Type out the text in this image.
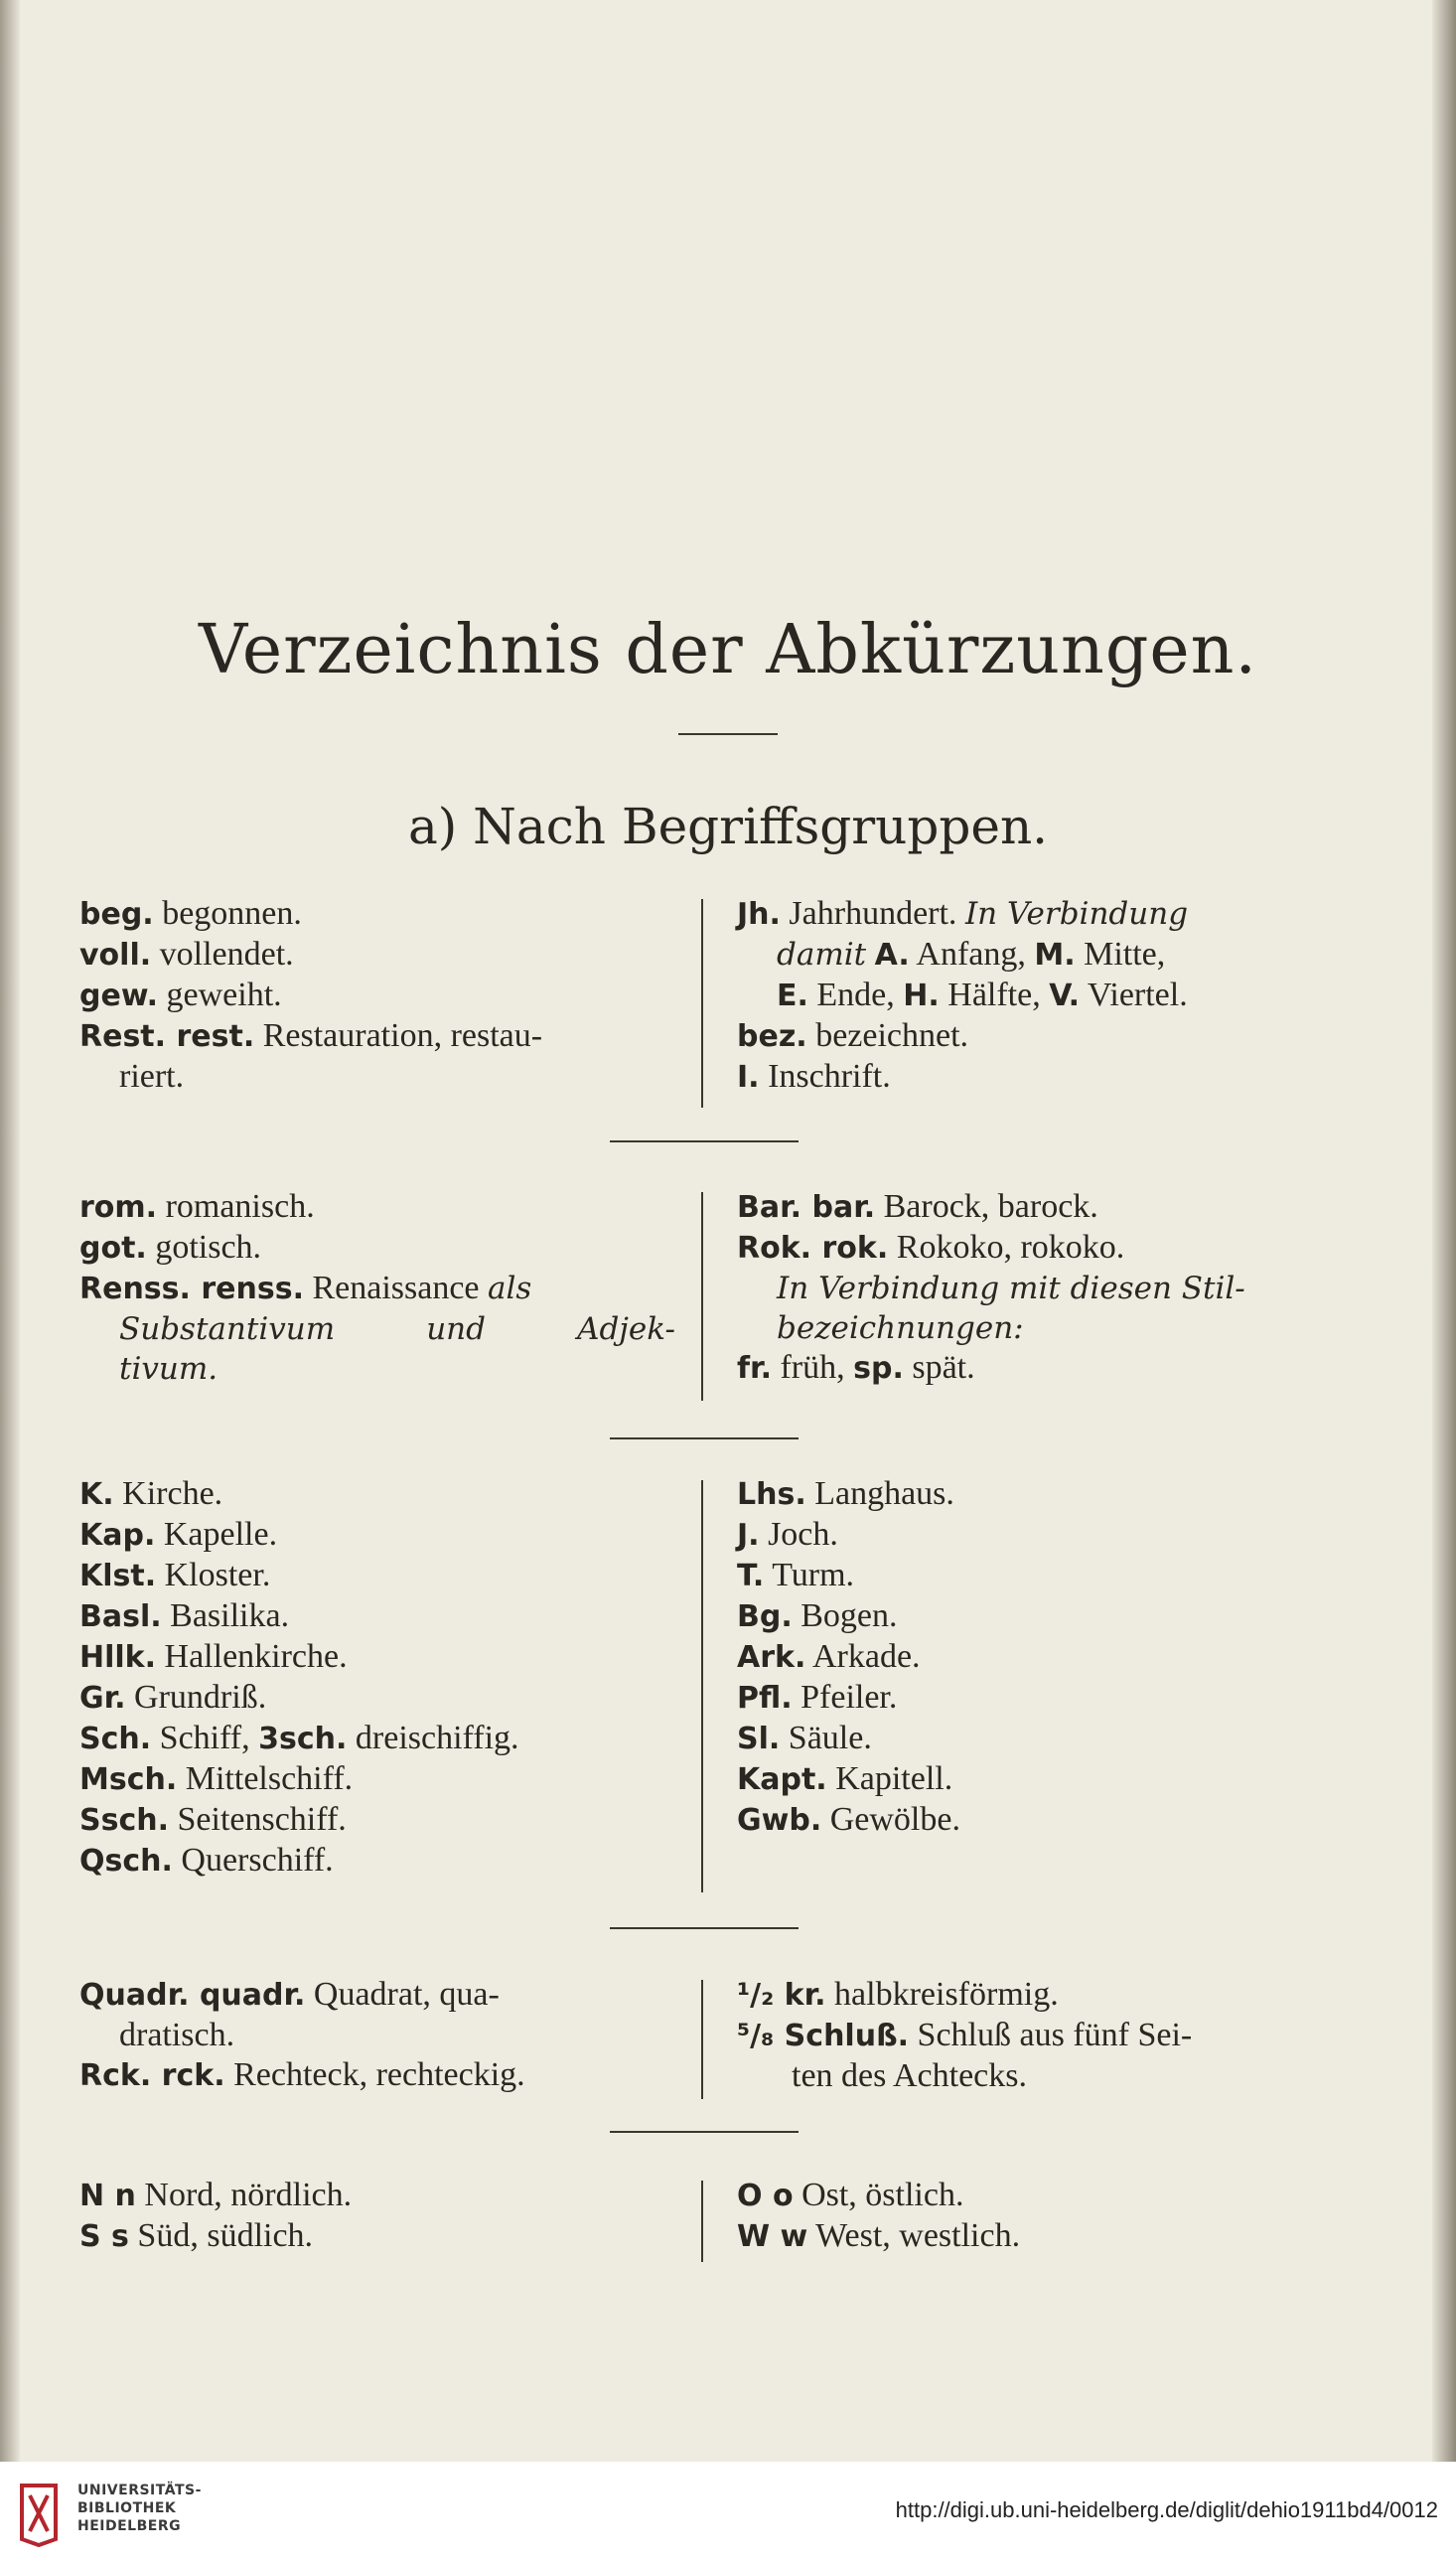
Verzeichnis der Abkürzungen.
a) Nach Begriffsgruppen.
beg. begonnen.
voll. vollendet.
gew. geweiht.
Rest. rest. Restauration, restau-
riert.
Jh. Jahrhundert. In Verbindung
damit A. Anfang, M. Mitte,
E. Ende, H. Hälfte, V. Viertel.
bez. bezeichnet.
I. Inschrift.
rom. romanisch.
got. gotisch.
Renss. renss. Renaissance als
Substantivum	und	Adjek-
tivum.
Bar. bar. Barock, barock.
Rok. rok. Rokoko, rokoko.
In Verbindung mit diesen Stil-
bezeichnungen:
fr. früh, sp. spät.
K. Kirche.
Kap. Kapelle.
Klst. Kloster.
Basl. Basilika.
Hllk. Hallenkirche.
Gr. Grundriß.
Sch. Schiff, 3sch. dreischiffig.
Msch. Mittelschiff.
Ssch. Seitenschiff.
Qsch. Querschiff.
Lhs. Langhaus.
J. Joch.
T. Turm.
Bg. Bogen.
Ark. Arkade.
Pfl. Pfeiler.
Sl. Säule.
Kapt. Kapitell.
Gwb. Gewölbe.
Quadr. quadr. Quadrat, qua-
dratisch.
Rck. rck. Rechteck, rechteckig.
¹/₂ kr. halbkreisförmig.
⁵/₈ Schluß. Schluß aus fünf Sei-
ten des Achtecks.
N n Nord, nördlich.
S s Süd, südlich.
O o Ost, östlich.
W w West, westlich.
UNIVERSITÄTS-
BIBLIOTHEK
HEIDELBERG
http://digi.ub.uni-heidelberg.de/diglit/dehio1911bd4/0012
